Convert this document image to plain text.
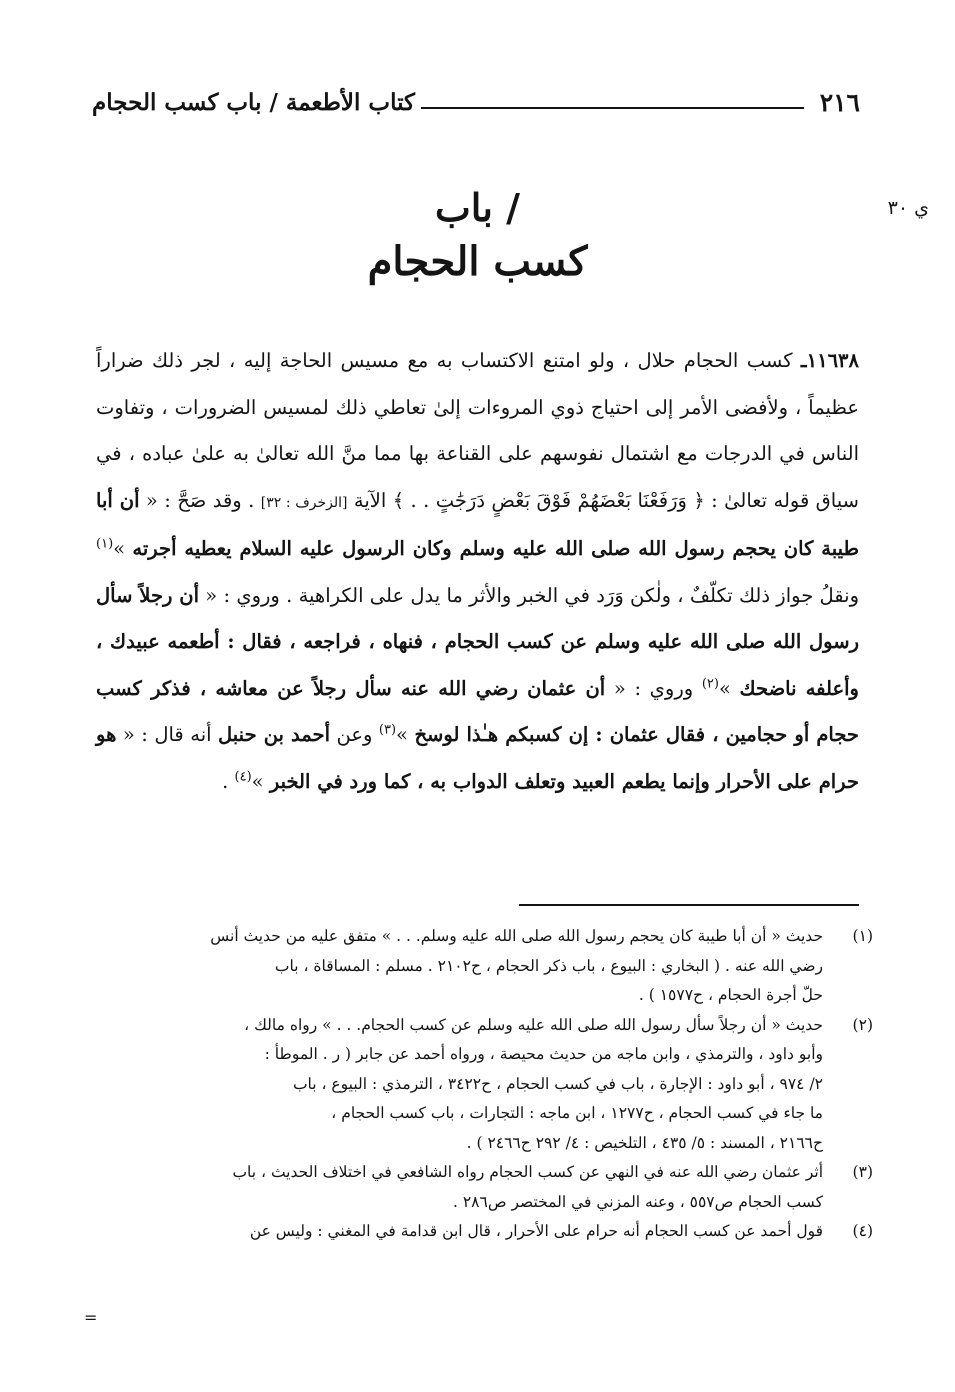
٢١٦
كتاب الأطعمة / باب كسب الحجام
ي ٣٠
/ باب
كسب الحجام
١١٦٣٨ـ كسب الحجام حلال ، ولو امتنع الاكتساب به مع مسيس الحاجة إليه ، لجر ذلك ضراراً عظيماً ، ولأفضى الأمر إلى احتياج ذوي المروءات إلىٰ تعاطي ذلك لمسيس الضرورات ، وتفاوت الناس في الدرجات مع اشتمال نفوسهم على القناعة بها مما منَّ الله تعالىٰ به علىٰ عباده ، في سياق قوله تعالىٰ : ﴿ وَرَفَعْنَا بَعْضَهُمْ فَوْقَ بَعْضٍ دَرَجَٰتٍ . . ﴾ الآية [الزخرف : ٣٢] . وقد صَحَّ : « أن أبا طيبة كان يحجم رسول الله صلى الله عليه وسلم وكان الرسول عليه السلام يعطيه أجرته »$^{(١)}$ ونقلُ جواز ذلك تكلّفٌ ، ولٰكن وَرَد في الخبر والأثر ما يدل على الكراهية . وروي : « أن رجلاً سأل رسول الله صلى الله عليه وسلم عن كسب الحجام ، فنهاه ، فراجعه ، فقال : أطعمه عبيدك ، وأعلفه ناضحك »$^{(٢)}$ وروي : « أن عثمان رضي الله عنه سأل رجلاً عن معاشه ، فذكر كسب حجام أو حجامين ، فقال عثمان : إن كسبكم هـٰذا لوسخ »$^{(٣)}$ وعن أحمد بن حنبل أنه قال : « هو حرام على الأحرار وإنما يطعم العبيد وتعلف الدواب به ، كما ورد في الخبر »$^{(٤)}$ .
(١)
حديث « أن أبا طيبة كان يحجم رسول الله صلى الله عليه وسلم. . . » متفق عليه من حديث أنس
رضي الله عنه . ( البخاري : البيوع ، باب ذكر الحجام ، ح٢١٠٢ . مسلم : المساقاة ، باب
حلّ أجرة الحجام ، ح١٥٧٧ ) .
(٢)
حديث « أن رجلاً سأل رسول الله صلى الله عليه وسلم عن كسب الحجام. . . » رواه مالك ،
وأبو داود ، والترمذي ، وابن ماجه من حديث محيصة ، ورواه أحمد عن جابر ( ر . الموطأ :
٢/ ٩٧٤ ، أبو داود : الإجارة ، باب في كسب الحجام ، ح٣٤٢٢ ، الترمذي : البيوع ، باب
ما جاء في كسب الحجام ، ح١٢٧٧ ، ابن ماجه : التجارات ، باب كسب الحجام ،
ح٢١٦٦ ، المسند : ٥/ ٤٣٥ ، التلخيص : ٤/ ٢٩٢ ح٢٤٦٦ ) .
(٣)
أثر عثمان رضي الله عنه في النهي عن كسب الحجام رواه الشافعي في اختلاف الحديث ، باب
كسب الحجام ص٥٥٧ ، وعنه المزني في المختصر ص٢٨٦ .
(٤)
قول أحمد عن كسب الحجام أنه حرام على الأحرار ، قال ابن قدامة في المغني : وليس عن
=
